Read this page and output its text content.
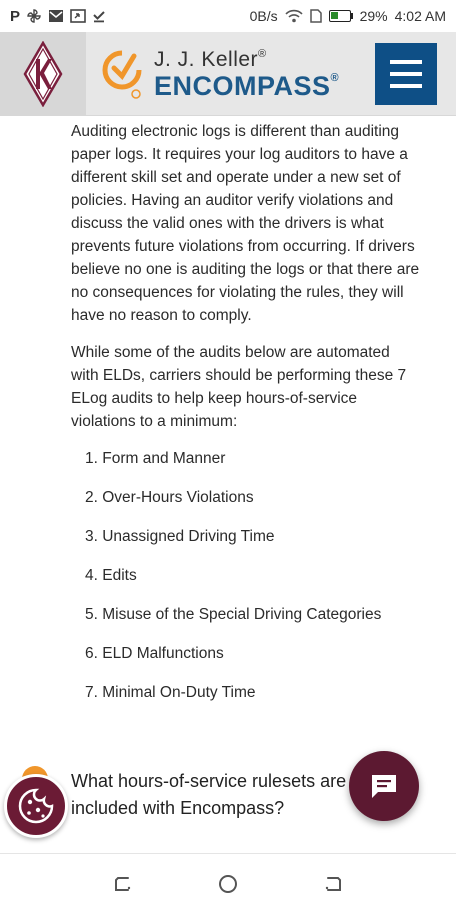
P	0B/s	29% 4:02 AM
J. J. Keller®
ENCOMPASS®

Auditing electronic logs is different than auditing paper logs. It requires your log auditors to have a different skill set and operate under a new set of policies. Having an auditor verify violations and discuss the valid ones with the drivers is what prevents future violations from occurring. If drivers believe no one is auditing the logs or that there are no consequences for violating the rules, they will have no reason to comply.

While some of the audits below are automated with ELDs, carriers should be performing these 7 ELog audits to help keep hours-of-service violations to a minimum:

1. Form and Manner
2. Over-Hours Violations
3. Unassigned Driving Time
4. Edits
5. Misuse of the Special Driving Categories
6. ELD Malfunctions
7. Minimal On-Duty Time
What hours-of-service rulesets are included with Encompass?
